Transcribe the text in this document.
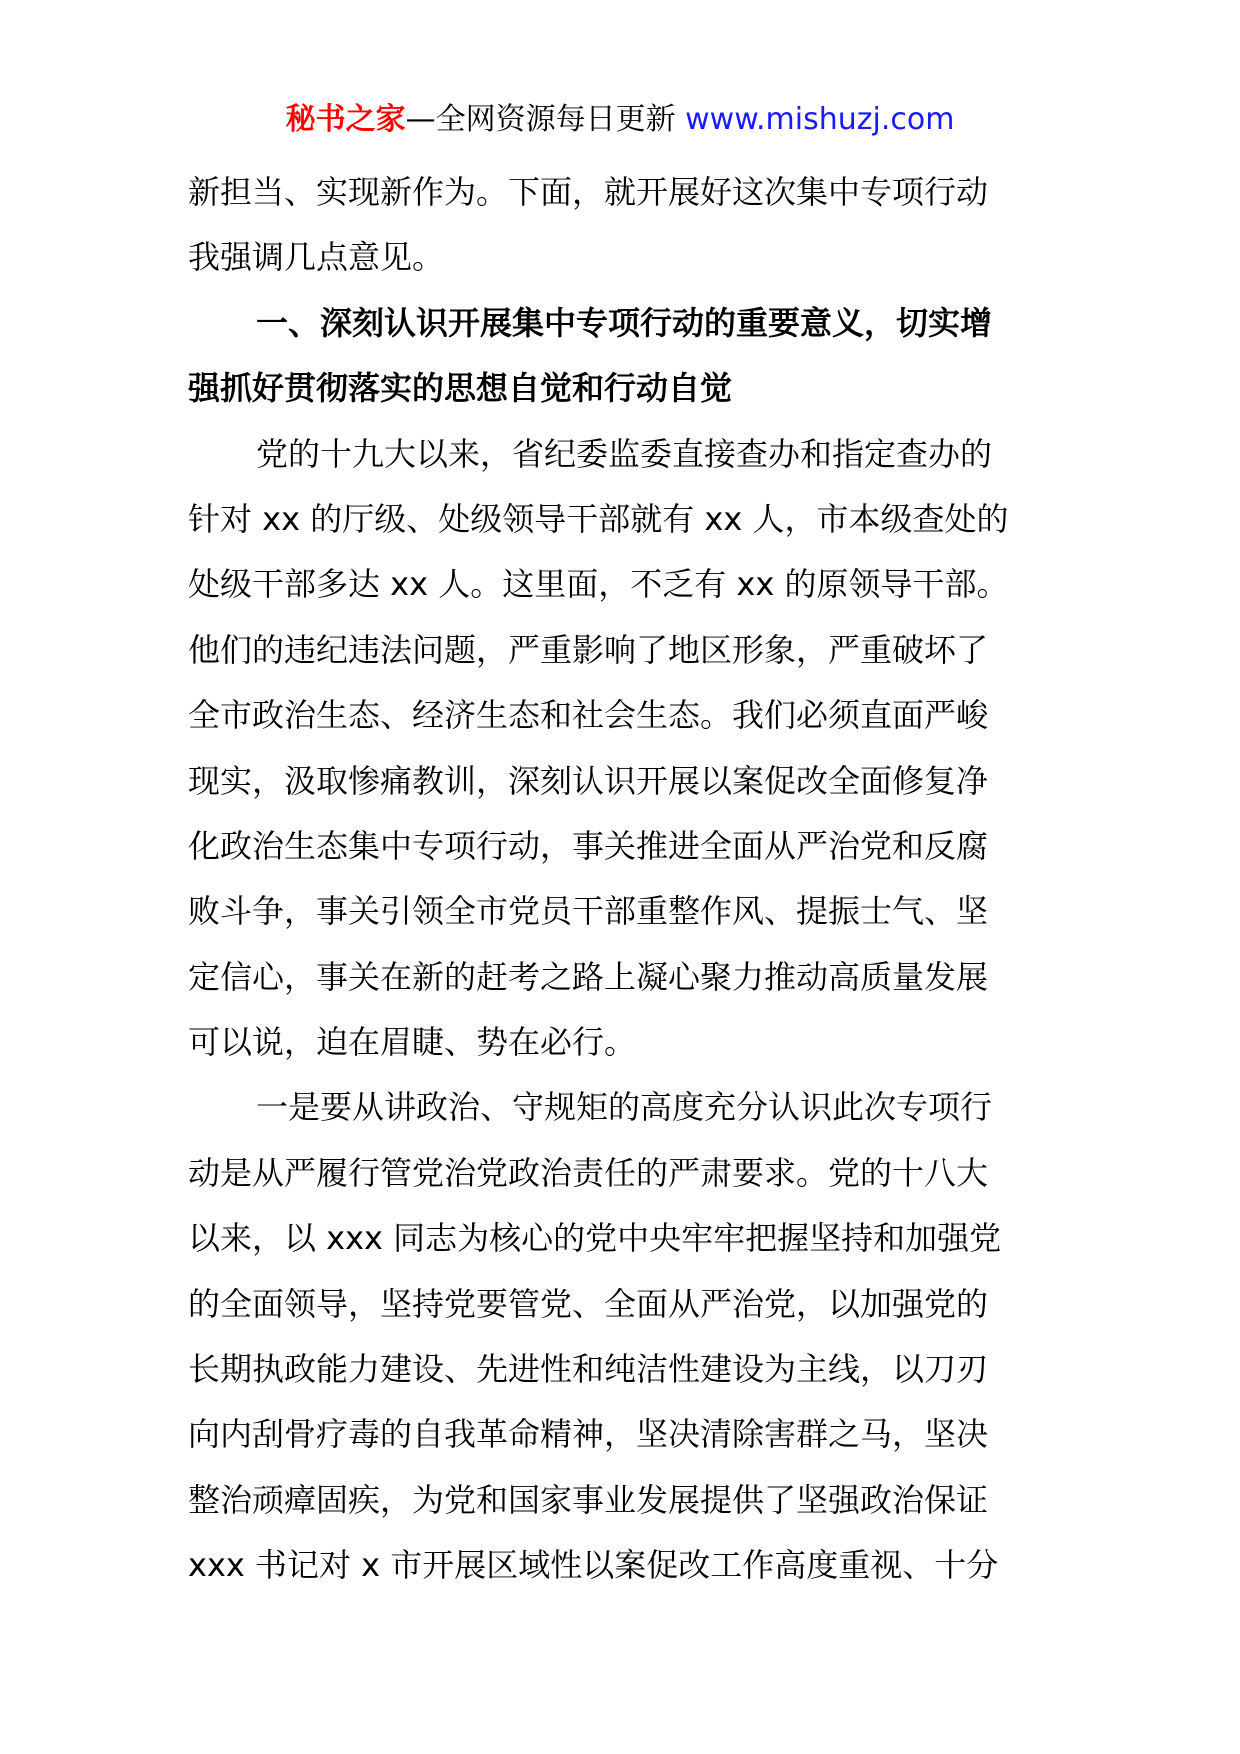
秘书之家—全网资源每日更新 www.mishuzj.com
新担当、实现新作为。下面，就开展好这次集中专项行动
我强调几点意见。
一、深刻认识开展集中专项行动的重要意义，切实增
强抓好贯彻落实的思想自觉和行动自觉
党的十九大以来，省纪委监委直接查办和指定查办的
针对 xx 的厅级、处级领导干部就有 xx 人，市本级查处的
处级干部多达 xx 人。这里面，不乏有 xx 的原领导干部。
他们的违纪违法问题，严重影响了地区形象，严重破坏了
全市政治生态、经济生态和社会生态。我们必须直面严峻
现实，汲取惨痛教训，深刻认识开展以案促改全面修复净
化政治生态集中专项行动，事关推进全面从严治党和反腐
败斗争，事关引领全市党员干部重整作风、提振士气、坚
定信心，事关在新的赶考之路上凝心聚力推动高质量发展
可以说，迫在眉睫、势在必行。
一是要从讲政治、守规矩的高度充分认识此次专项行
动是从严履行管党治党政治责任的严肃要求。党的十八大
以来，以 xxx 同志为核心的党中央牢牢把握坚持和加强党
的全面领导，坚持党要管党、全面从严治党，以加强党的
长期执政能力建设、先进性和纯洁性建设为主线，以刀刃
向内刮骨疗毒的自我革命精神，坚决清除害群之马，坚决
整治顽瘴固疾，为党和国家事业发展提供了坚强政治保证
xxx 书记对 x 市开展区域性以案促改工作高度重视、十分
